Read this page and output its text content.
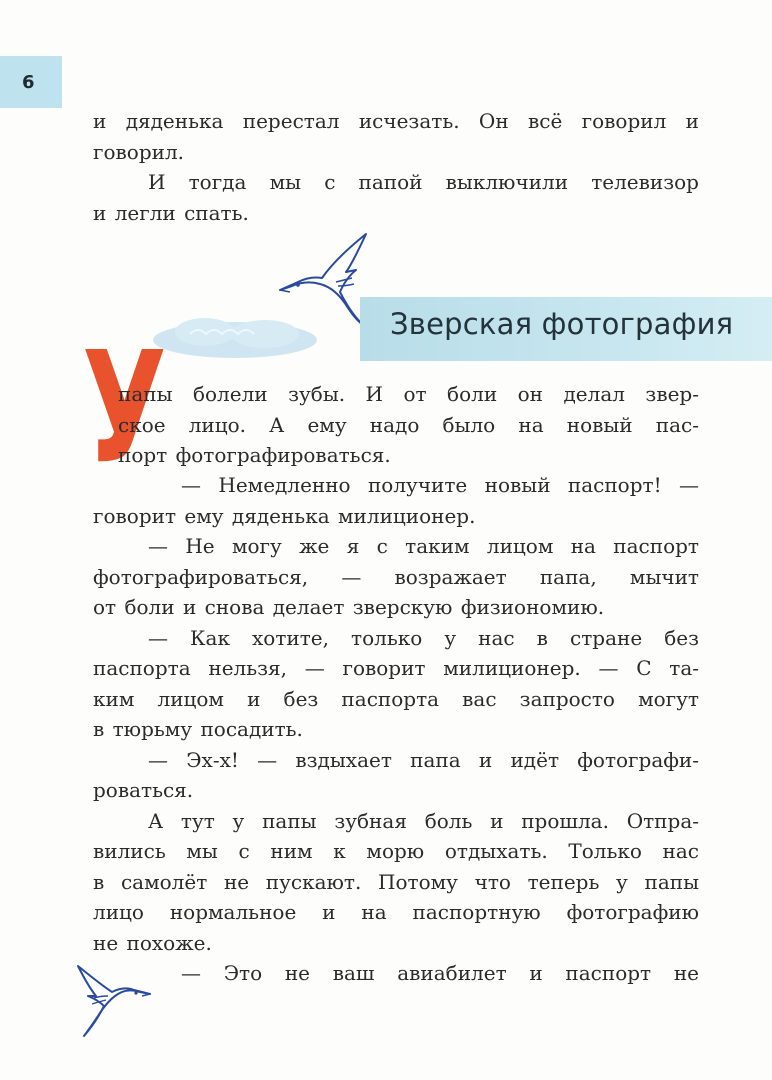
6
и дяденька перестал исчезать. Он всё говорил и
говорил.
И тогда мы с папой выключили телевизор
и легли спать.
Зверская фотография
У
папы болели зубы. И от боли он делал звер-
ское лицо. А ему надо было на новый пас-
порт фотографироваться.
— Немедленно получите новый паспорт! —
говорит ему дяденька милиционер.
— Не могу же я с таким лицом на паспорт
фотографироваться, — возражает папа, мычит
от боли и снова делает зверскую физиономию.
— Как хотите, только у нас в стране без
паспорта нельзя, — говорит милиционер. — С та-
ким лицом и без паспорта вас запросто могут
в тюрьму посадить.
— Эх-х! — вздыхает папа и идёт фотографи-
роваться.
А тут у папы зубная боль и прошла. Отпра-
вились мы с ним к морю отдыхать. Только нас
в самолёт не пускают. Потому что теперь у папы
лицо нормальное и на паспортную фотографию
не похоже.
— Это не ваш авиабилет и паспорт не
